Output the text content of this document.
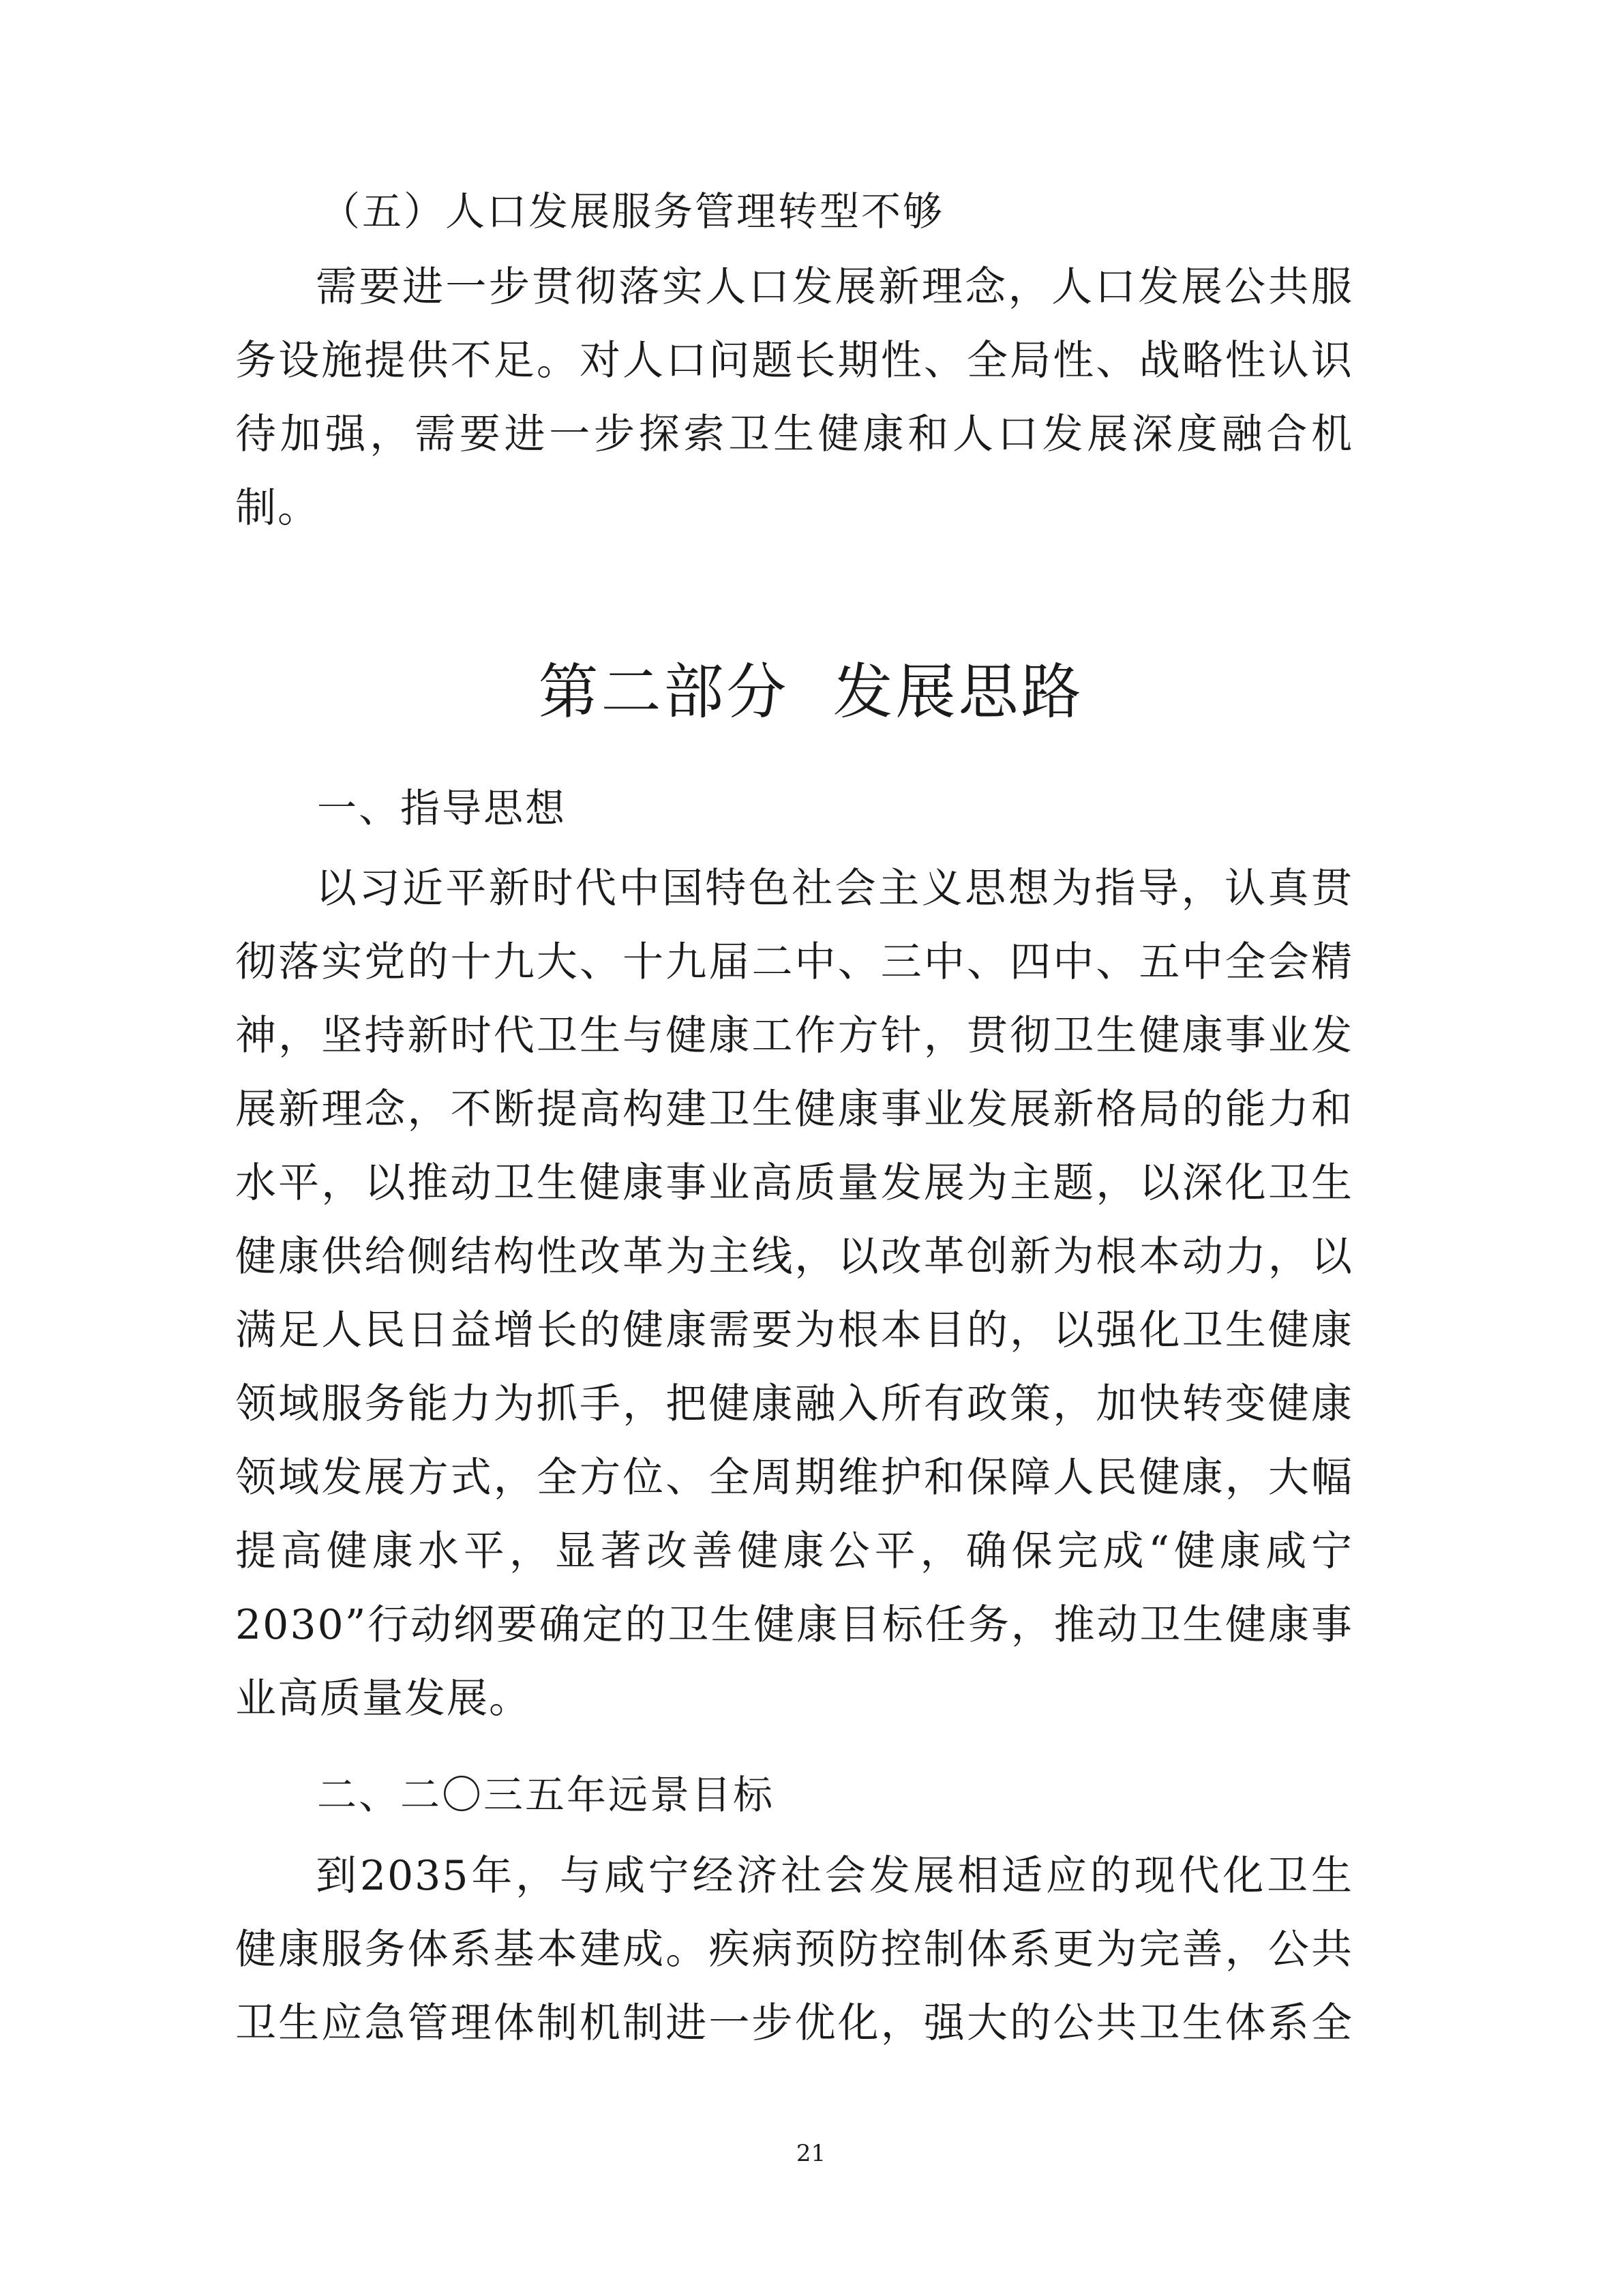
（五）人口发展服务管理转型不够
需要进一步贯彻落实人口发展新理念，人口发展公共服
务设施提供不足。对人口问题长期性、全局性、战略性认识
待加强，需要进一步探索卫生健康和人口发展深度融合机
制。
第二部分  发展思路
一、指导思想
以习近平新时代中国特色社会主义思想为指导，认真贯
彻落实党的十九大、十九届二中、三中、四中、五中全会精
神，坚持新时代卫生与健康工作方针，贯彻卫生健康事业发
展新理念，不断提高构建卫生健康事业发展新格局的能力和
水平，以推动卫生健康事业高质量发展为主题，以深化卫生
健康供给侧结构性改革为主线，以改革创新为根本动力，以
满足人民日益增长的健康需要为根本目的，以强化卫生健康
领域服务能力为抓手，把健康融入所有政策，加快转变健康
领域发展方式，全方位、全周期维护和保障人民健康，大幅
提高健康水平，显著改善健康公平，确保完成“健康咸宁
2030”行动纲要确定的卫生健康目标任务，推动卫生健康事
业高质量发展。
二、二〇三五年远景目标
到2035年，与咸宁经济社会发展相适应的现代化卫生
健康服务体系基本建成。疾病预防控制体系更为完善，公共
卫生应急管理体制机制进一步优化，强大的公共卫生体系全
21
